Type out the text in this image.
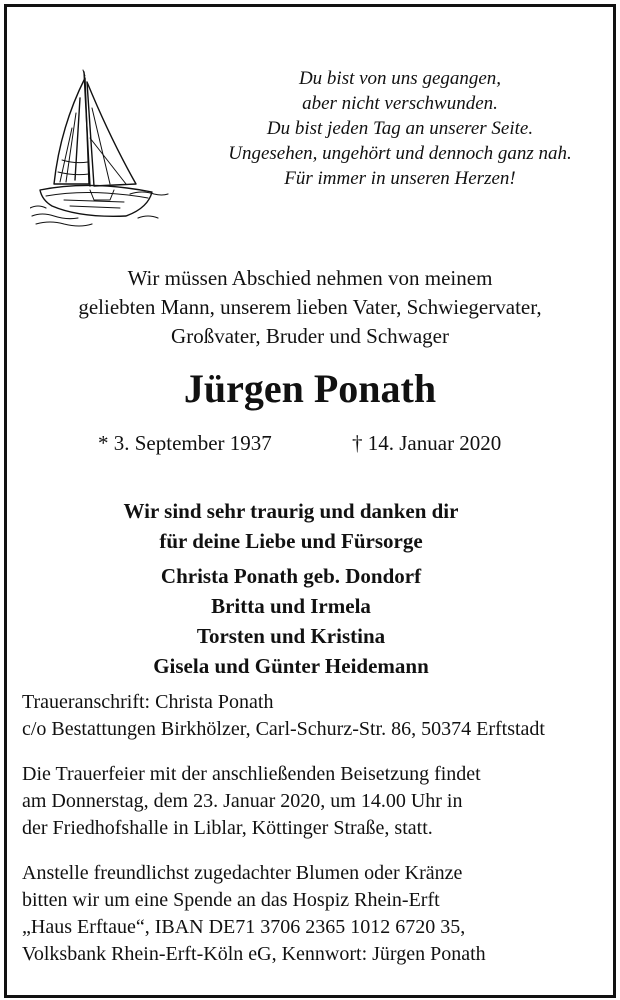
Du bist von uns gegangen,
aber nicht verschwunden.
Du bist jeden Tag an unserer Seite.
Ungesehen, ungehört und dennoch ganz nah.
Für immer in unseren Herzen!
Wir müssen Abschied nehmen von meinem
geliebten Mann, unserem lieben Vater, Schwiegervater,
Großvater, Bruder und Schwager
Jürgen Ponath
* 3. September 1937	† 14. Januar 2020
Wir sind sehr traurig und danken dir
für deine Liebe und Fürsorge
Christa Ponath geb. Dondorf
Britta und Irmela
Torsten und Kristina
Gisela und Günter Heidemann
Traueranschrift: Christa Ponath
c/o Bestattungen Birkhölzer, Carl-Schurz-Str. 86, 50374 Erftstadt
Die Trauerfeier mit der anschließenden Beisetzung findet
am Donnerstag, dem 23. Januar 2020, um 14.00 Uhr in
der Friedhofshalle in Liblar, Köttinger Straße, statt.
Anstelle freundlichst zugedachter Blumen oder Kränze
bitten wir um eine Spende an das Hospiz Rhein-Erft
„Haus Erftaue“, IBAN DE71 3706 2365 1012 6720 35,
Volksbank Rhein-Erft-Köln eG, Kennwort: Jürgen Ponath
